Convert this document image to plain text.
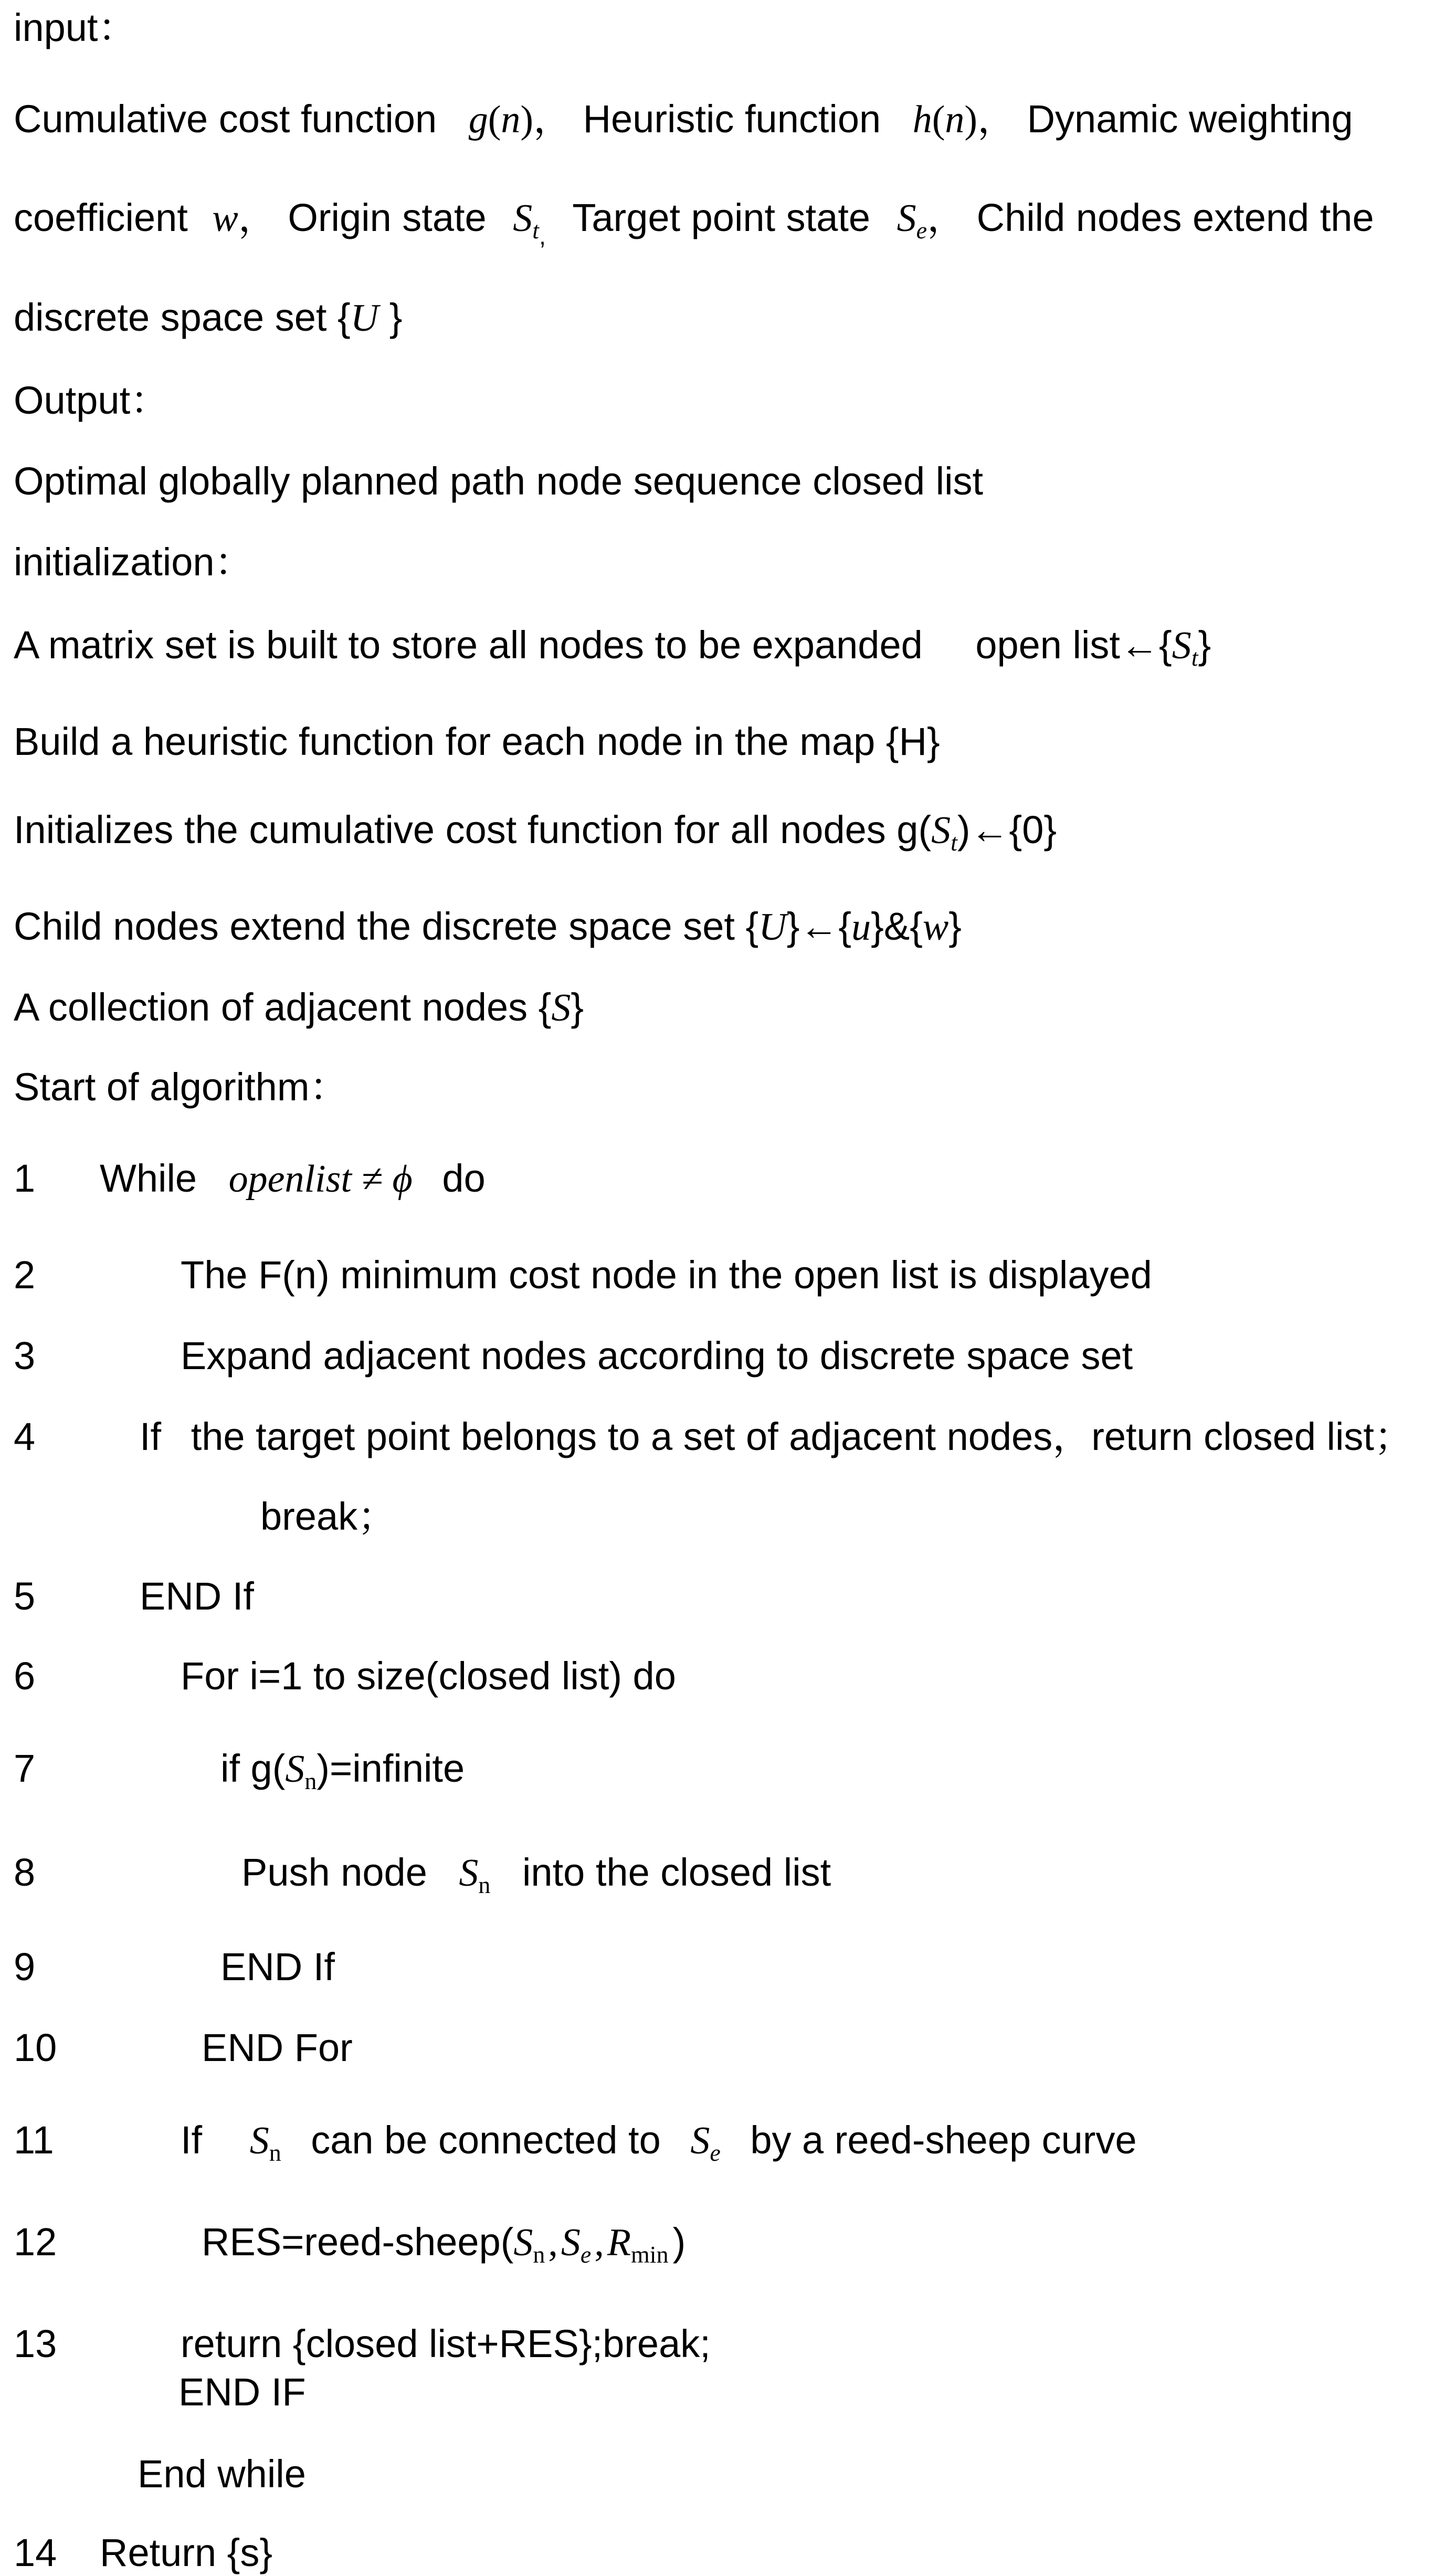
input：
Cumulative cost function g(n)， Heuristic function h(n)， Dynamic weighting
coefficient w， Origin state $St_,$ Target point state Se， Child nodes extend the
discrete space set {U }
Output：
Optimal globally planned path node sequence closed list
initialization：
A matrix set is built to store all nodes to be expanded open list←{St}
Build a heuristic function for each node in the map {H}
Initializes the cumulative cost function for all nodes g(St)←{0}
Child nodes extend the discrete space set {U}←{u}&{w}
A collection of adjacent nodes {S}
Start of algorithm：
1 While openlist ≠ ϕ do
2	The F(n) minimum cost node in the open list is displayed
3	Expand adjacent nodes according to discrete space set
4	If the target point belongs to a set of adjacent nodes，return closed list；
break；
5	END If
6	For i=1 to size(closed list) do
7	if g(Sn)=infinite
8	Push node Sn into the closed list
9	END If
10	END For
11	If Sn can be connected to Se by a reed-sheep curve
12	RES=reed-sheep(Sn,Se,Rmin )
13	return {closed list+RES};break;
END IF
End while
14 Return {s}
